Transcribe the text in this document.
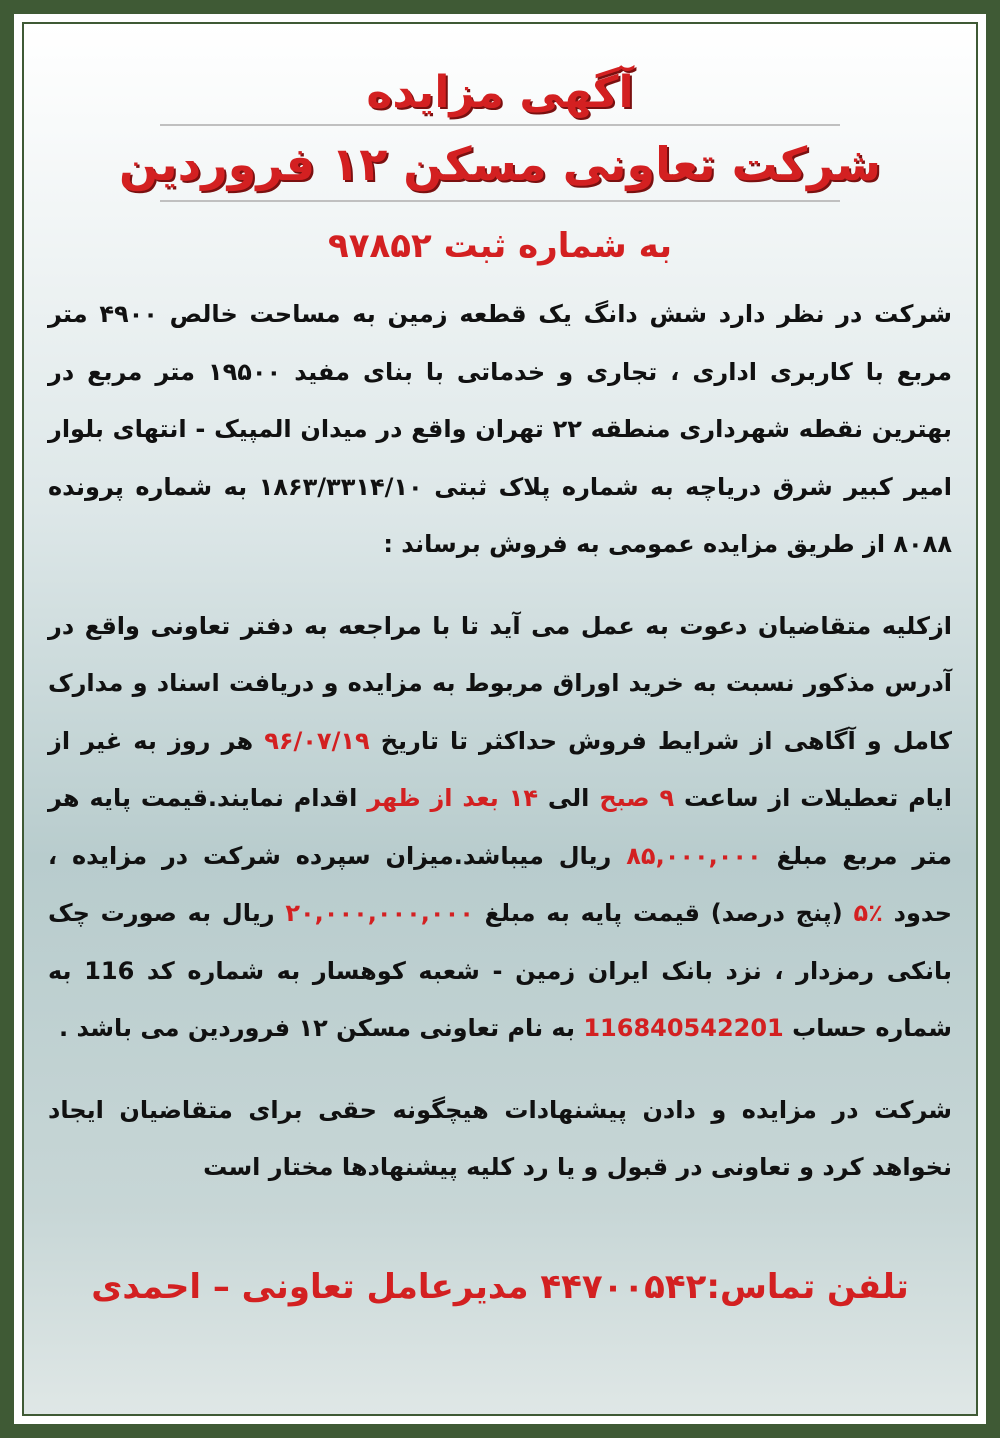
آگهی مزایده
شرکت تعاونی مسکن ۱۲ فروردین
به شماره ثبت ۹۷۸۵۲

شرکت در نظر دارد شش دانگ یک قطعه زمین به مساحت خالص ۴۹۰۰ متر مربع با کاربری اداری ، تجاری و خدماتی با بنای مفید ۱۹۵۰۰ متر مربع در بهترین نقطه شهرداری منطقه ۲۲ تهران واقع در میدان المپیک - انتهای بلوار امیر کبیر شرق دریاچه به شماره پلاک ثبتی ۱۸۶۳/۳۳۱۴/۱۰ به شماره پرونده ۸۰۸۸ از طریق مزایده عمومی به فروش برساند :

ازکلیه متقاضیان دعوت به عمل می آید تا با مراجعه به دفتر تعاونی واقع در آدرس مذکور نسبت به خرید اوراق مربوط به مزایده و دریافت اسناد و مدارک کامل و آگاهی از شرایط فروش حداکثر تا تاریخ ۹۶/۰۷/۱۹ هر روز به غیر از ایام تعطیلات از ساعت ۹ صبح الی ۱۴ بعد از ظهر اقدام نمایند.قیمت پایه هر متر مربع مبلغ ۸۵,۰۰۰,۰۰۰ ریال میباشد.میزان سپرده شرکت در مزایده ، حدود ٪۵ (پنج درصد) قیمت پایه به مبلغ ۲۰,۰۰۰,۰۰۰,۰۰۰ ریال به صورت چک بانکی رمزدار ، نزد بانک ایران زمین - شعبه کوهسار به شماره کد 116 به شماره حساب 116840542201 به نام تعاونی مسکن ۱۲ فروردین می باشد .

شرکت در مزایده و دادن پیشنهادات هیچگونه حقی برای متقاضیان ایجاد نخواهد کرد و تعاونی در قبول و یا رد کلیه پیشنهادها مختار است

تلفن تماس:۴۴۷۰۰۵۴۲ مدیرعامل تعاونی – احمدی
